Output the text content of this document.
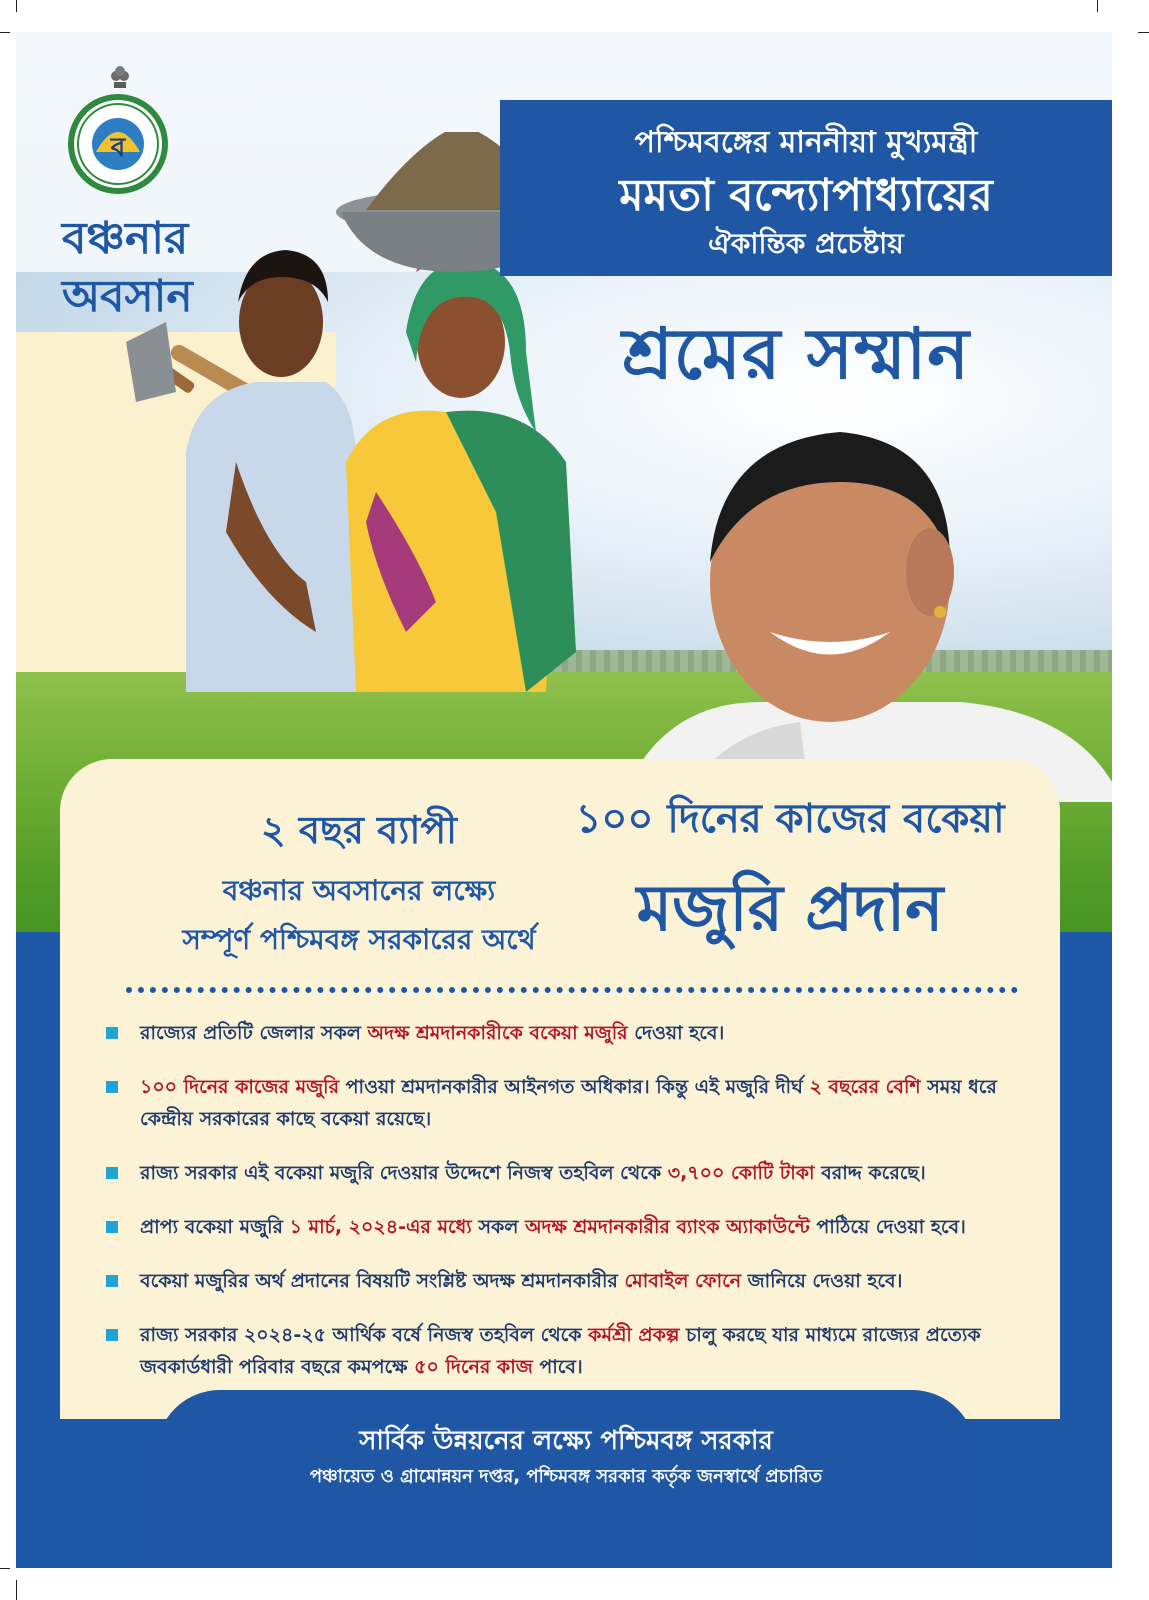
ব
বঞ্চনার
অবসান
পশ্চিমবঙ্গের মাননীয়া মুখ্যমন্ত্রী
মমতা বন্দ্যোপাধ্যায়ের
ঐকান্তিক প্রচেষ্টায়
শ্রমের সম্মান
২ বছর ব্যাপী
বঞ্চনার অবসানের লক্ষ্যে
সম্পূর্ণ পশ্চিমবঙ্গ সরকারের অর্থে
১০০ দিনের কাজের বকেয়া
মজুরি প্রদান
রাজ্যের প্রতিটি জেলার সকল অদক্ষ শ্রমদানকারীকে বকেয়া মজুরি দেওয়া হবে।
১০০ দিনের কাজের মজুরি পাওয়া শ্রমদানকারীর আইনগত অধিকার। কিন্তু এই মজুরি দীর্ঘ ২ বছরের বেশি সময় ধরে কেন্দ্রীয় সরকারের কাছে বকেয়া রয়েছে।
রাজ্য সরকার এই বকেয়া মজুরি দেওয়ার উদ্দেশে নিজস্ব তহবিল থেকে ৩,৭০০ কোটি টাকা বরাদ্দ করেছে।
প্রাপ্য বকেয়া মজুরি ১ মার্চ, ২০২৪-এর মধ্যে সকল অদক্ষ শ্রমদানকারীর ব্যাংক অ্যাকাউন্টে পাঠিয়ে দেওয়া হবে।
বকেয়া মজুরির অর্থ প্রদানের বিষয়টি সংশ্লিষ্ট অদক্ষ শ্রমদানকারীর মোবাইল ফোনে জানিয়ে দেওয়া হবে।
রাজ্য সরকার ২০২৪-২৫ আর্থিক বর্ষে নিজস্ব তহবিল থেকে কর্মশ্রী প্রকল্প চালু করছে যার মাধ্যমে রাজ্যের প্রত্যেক জবকার্ডধারী পরিবার বছরে কমপক্ষে ৫০ দিনের কাজ পাবে।
সার্বিক উন্নয়নের লক্ষ্যে পশ্চিমবঙ্গ সরকার
পঞ্চায়েত ও গ্রামোন্নয়ন দপ্তর, পশ্চিমবঙ্গ সরকার কর্তৃক জনস্বার্থে প্রচারিত
